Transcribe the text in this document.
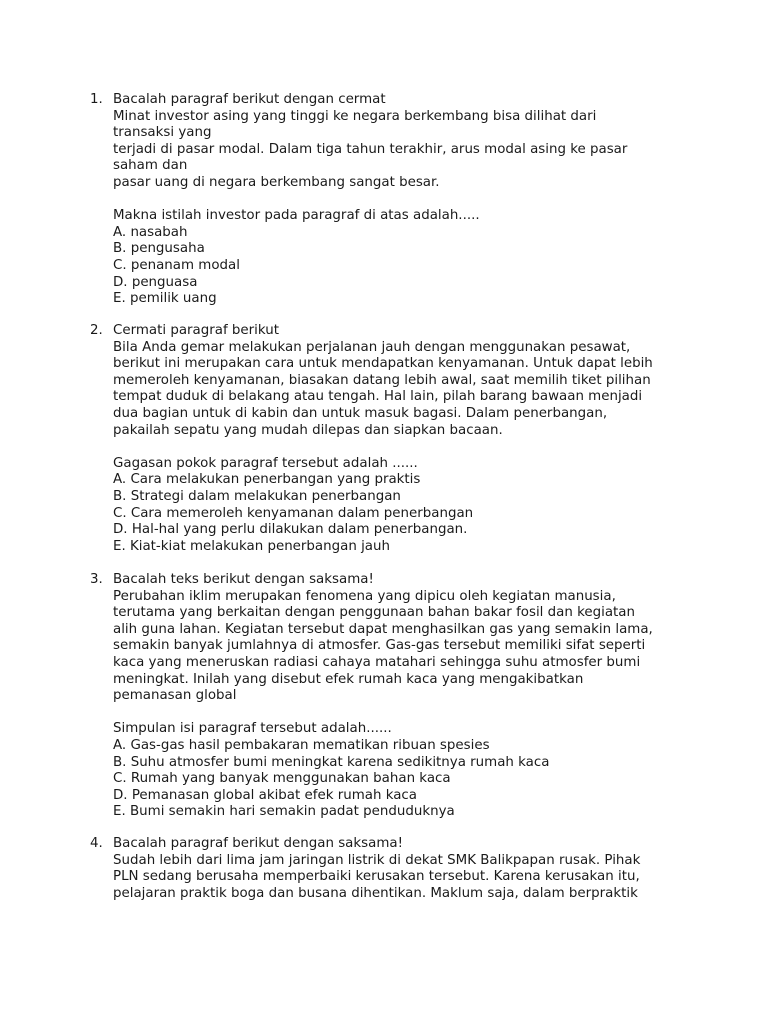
1. Bacalah paragraf berikut dengan cermat
Minat investor asing yang tinggi ke negara berkembang bisa dilihat dari
transaksi yang
terjadi di pasar modal. Dalam tiga tahun terakhir, arus modal asing ke pasar
saham dan
pasar uang di negara berkembang sangat besar.
Makna istilah investor pada paragraf di atas adalah.....
A. nasabah
B. pengusaha
C. penanam modal
D. penguasa
E. pemilik uang
2. Cermati paragraf berikut
Bila Anda gemar melakukan perjalanan jauh dengan menggunakan pesawat,
berikut ini merupakan cara untuk mendapatkan kenyamanan. Untuk dapat lebih
memeroleh kenyamanan, biasakan datang lebih awal, saat memilih tiket pilihan
tempat duduk di belakang atau tengah. Hal lain, pilah barang bawaan menjadi
dua bagian untuk di kabin dan untuk masuk bagasi. Dalam penerbangan,
pakailah sepatu yang mudah dilepas dan siapkan bacaan.
Gagasan pokok paragraf tersebut adalah ......
A. Cara melakukan penerbangan yang praktis
B. Strategi dalam melakukan penerbangan
C. Cara memeroleh kenyamanan dalam penerbangan
D. Hal-hal yang perlu dilakukan dalam penerbangan.
E. Kiat-kiat melakukan penerbangan jauh
3. Bacalah teks berikut dengan saksama!
Perubahan iklim merupakan fenomena yang dipicu oleh kegiatan manusia,
terutama yang berkaitan dengan penggunaan bahan bakar fosil dan kegiatan
alih guna lahan. Kegiatan tersebut dapat menghasilkan gas yang semakin lama,
semakin banyak jumlahnya di atmosfer. Gas-gas tersebut memiliki sifat seperti
kaca yang meneruskan radiasi cahaya matahari sehingga suhu atmosfer bumi
meningkat. Inilah yang disebut efek rumah kaca yang mengakibatkan
pemanasan global
Simpulan isi paragraf tersebut adalah......
A. Gas-gas hasil pembakaran mematikan ribuan spesies
B. Suhu atmosfer bumi meningkat karena sedikitnya rumah kaca
C. Rumah yang banyak menggunakan bahan kaca
D. Pemanasan global akibat efek rumah kaca
E. Bumi semakin hari semakin padat penduduknya
4. Bacalah paragraf berikut dengan saksama!
Sudah lebih dari lima jam jaringan listrik di dekat SMK Balikpapan rusak. Pihak
PLN sedang berusaha memperbaiki kerusakan tersebut. Karena kerusakan itu,
pelajaran praktik boga dan busana dihentikan. Maklum saja, dalam berpraktik
